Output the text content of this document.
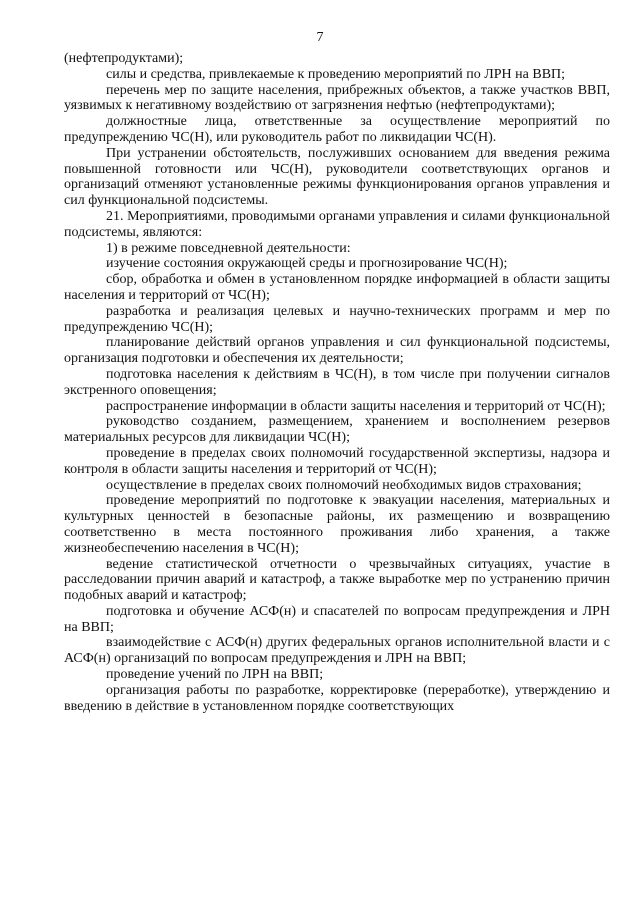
7

(нефтепродуктами);

силы и средства, привлекаемые к проведению мероприятий по ЛРН на ВВП;

перечень мер по защите населения, прибрежных объектов, а также участков ВВП, уязвимых к негативному воздействию от загрязнения нефтью (нефтепродуктами);

должностные лица, ответственные за осуществление мероприятий по предупреждению ЧС(Н), или руководитель работ по ликвидации ЧС(Н).

При устранении обстоятельств, послуживших основанием для введения режима повышенной готовности или ЧС(Н), руководители соответствующих органов и организаций отменяют установленные режимы функционирования органов управления и сил функциональной подсистемы.

21. Мероприятиями, проводимыми органами управления и силами функциональной подсистемы, являются:

1) в режиме повседневной деятельности:

изучение состояния окружающей среды и прогнозирование ЧС(Н);

сбор, обработка и обмен в установленном порядке информацией в области защиты населения и территорий от ЧС(Н);

разработка и реализация целевых и научно-технических программ и мер по предупреждению ЧС(Н);

планирование действий органов управления и сил функциональной подсистемы, организация подготовки и обеспечения их деятельности;

подготовка населения к действиям в ЧС(Н), в том числе при получении сигналов экстренного оповещения;

распространение информации в области защиты населения и территорий от ЧС(Н);

руководство созданием, размещением, хранением и восполнением резервов материальных ресурсов для ликвидации ЧС(Н);

проведение в пределах своих полномочий государственной экспертизы, надзора и контроля в области защиты населения и территорий от ЧС(Н);

осуществление в пределах своих полномочий необходимых видов страхования;

проведение мероприятий по подготовке к эвакуации населения, материальных и культурных ценностей в безопасные районы, их размещению и возвращению соответственно в места постоянного проживания либо хранения, а также жизнеобеспечению населения в ЧС(Н);

ведение статистической отчетности о чрезвычайных ситуациях, участие в расследовании причин аварий и катастроф, а также выработке мер по устранению причин подобных аварий и катастроф;

подготовка и обучение АСФ(н) и спасателей по вопросам предупреждения и ЛРН на ВВП;

взаимодействие с АСФ(н) других федеральных органов исполнительной власти и с АСФ(н) организаций по вопросам предупреждения и ЛРН на ВВП;

проведение учений по ЛРН на ВВП;

организация работы по разработке, корректировке (переработке), утверждению и введению в действие в установленном порядке соответствующих
